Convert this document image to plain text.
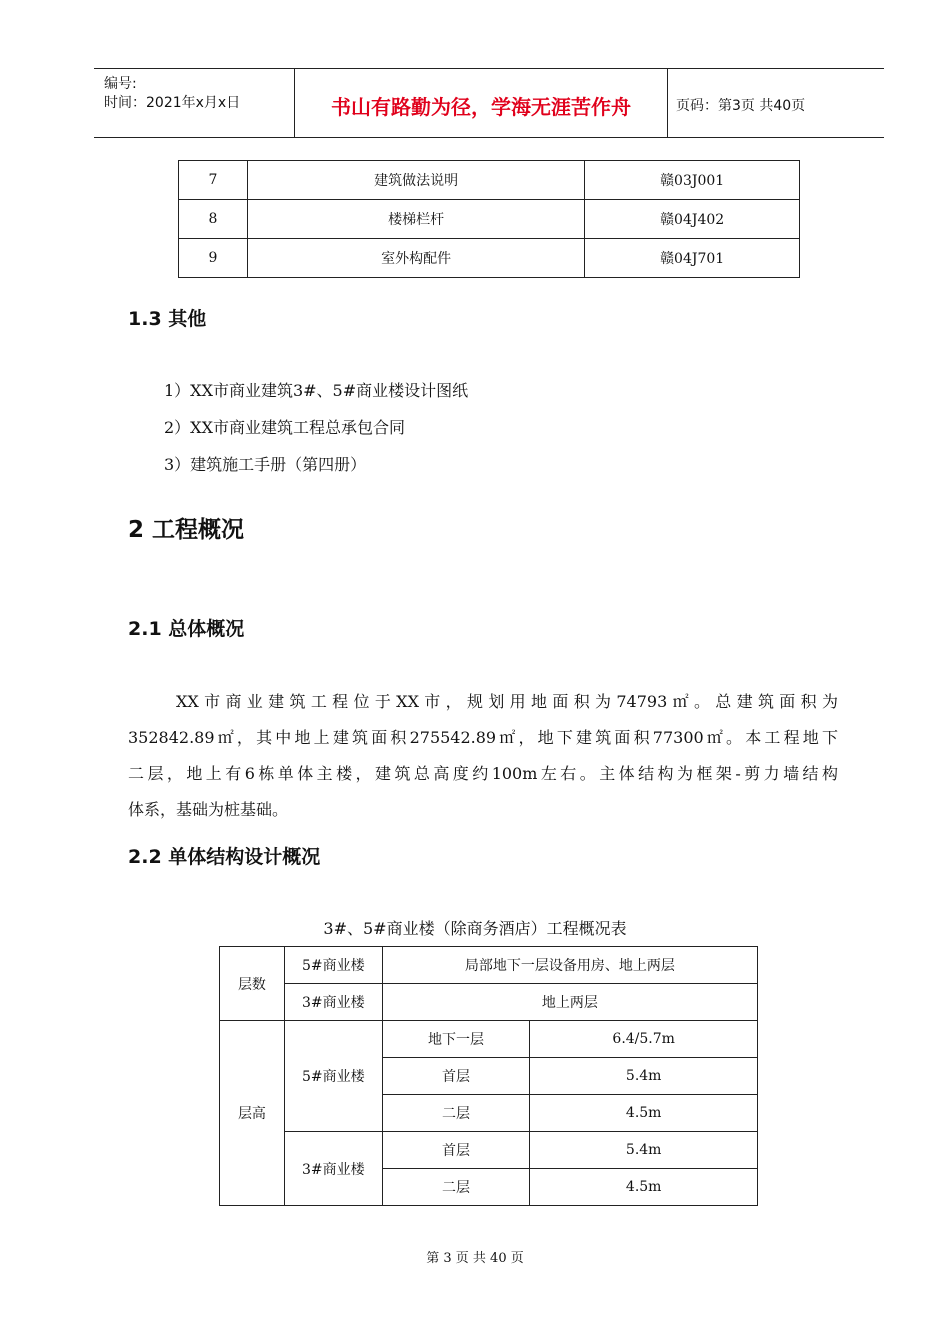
编号:
时间：2021年x月x日	书山有路勤为径，学海无涯苦作舟	页码：第3页 共40页
7	建筑做法说明	赣03J001
8	楼梯栏杆	赣04J402
9	室外构配件	赣04J701
1.3 其他
1）XX市商业建筑3#、5#商业楼设计图纸
2）XX市商业建筑工程总承包合同
3）建筑施工手册（第四册）
2 工程概况
2.1 总体概况
XX市商业建筑工程位于XX市，规划用地面积为74793㎡。总建筑面积为
352842.89㎡，其中地上建筑面积275542.89㎡，地下建筑面积77300㎡。本工程地下
二层，地上有6栋单体主楼，建筑总高度约100m左右。主体结构为框架-剪力墙结构
体系，基础为桩基础。
2.2 单体结构设计概况
3#、5#商业楼（除商务酒店）工程概况表
层数	5#商业楼	局部地下一层设备用房、地上两层	
	3#商业楼	地上两层	
层高	5#商业楼	地下一层	6.4/5.7m
		首层	5.4m
		二层	4.5m
	3#商业楼	首层	5.4m
		二层	4.5m
第 3 页 共 40 页
